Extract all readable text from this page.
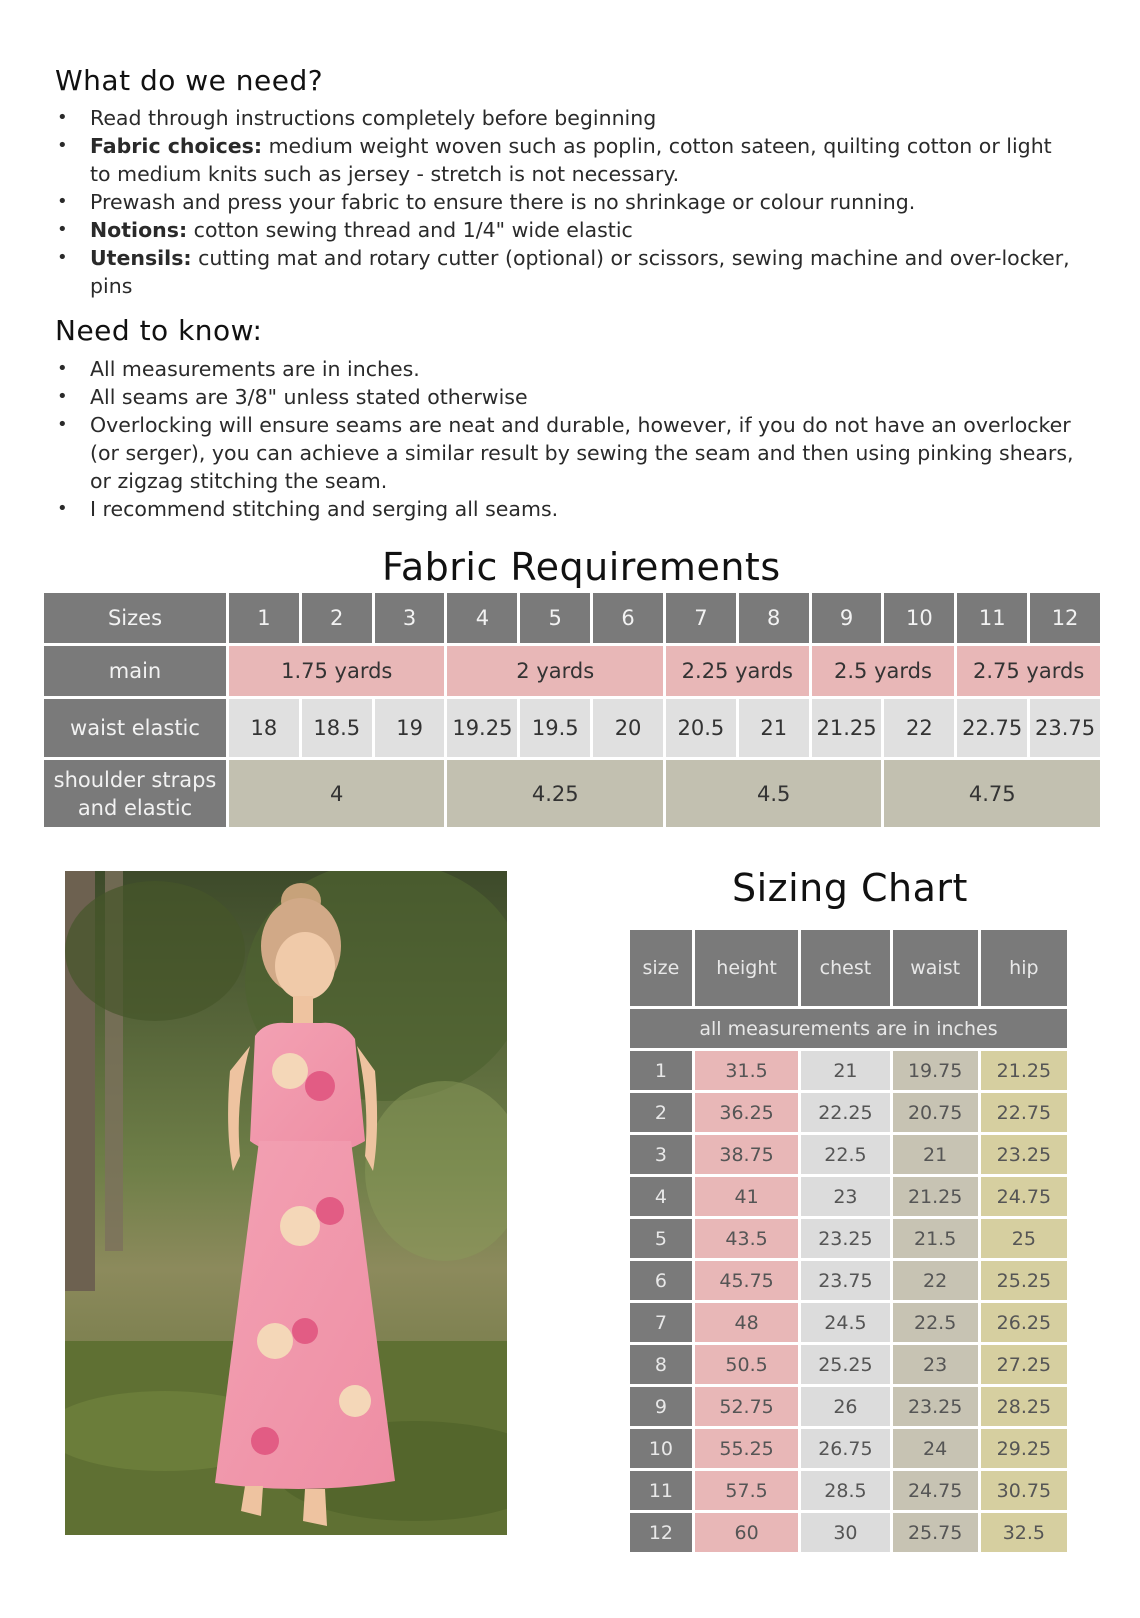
What do we need?
• Read through instructions completely before beginning
• Fabric choices: medium weight woven such as poplin, cotton sateen, quilting cotton or light to medium knits such as jersey - stretch is not necessary.
• Prewash and press your fabric to ensure there is no shrinkage or colour running.
• Notions: cotton sewing thread and 1/4" wide elastic
• Utensils: cutting mat and rotary cutter (optional) or scissors, sewing machine and over-locker, pins
Need to know:
• All measurements are in inches.
• All seams are 3/8" unless stated otherwise
• Overlocking will ensure seams are neat and durable, however, if you do not have an overlocker (or serger), you can achieve a similar result by sewing the seam and then using pinking shears, or zigzag stitching the seam.
• I recommend stitching and serging all seams.
Fabric Requirements
Sizes	1	2	3	4	5	6	7	8	9	10	11	12
main	1.75 yards			2 yards			2.25 yards		2.5 yards		2.75 yards	
waist elastic	18	18.5	19	19.25	19.5	20	20.5	21	21.25	22	22.75	23.75
shoulder straps and elastic	4			4.25			4.5			4.75		
Sizing Chart
size	height	chest	waist	hip
all measurements are in inches				
1	31.5	21	19.75	21.25
2	36.25	22.25	20.75	22.75
3	38.75	22.5	21	23.25
4	41	23	21.25	24.75
5	43.5	23.25	21.5	25
6	45.75	23.75	22	25.25
7	48	24.5	22.5	26.25
8	50.5	25.25	23	27.25
9	52.75	26	23.25	28.25
10	55.25	26.75	24	29.25
11	57.5	28.5	24.75	30.75
12	60	30	25.75	32.5
